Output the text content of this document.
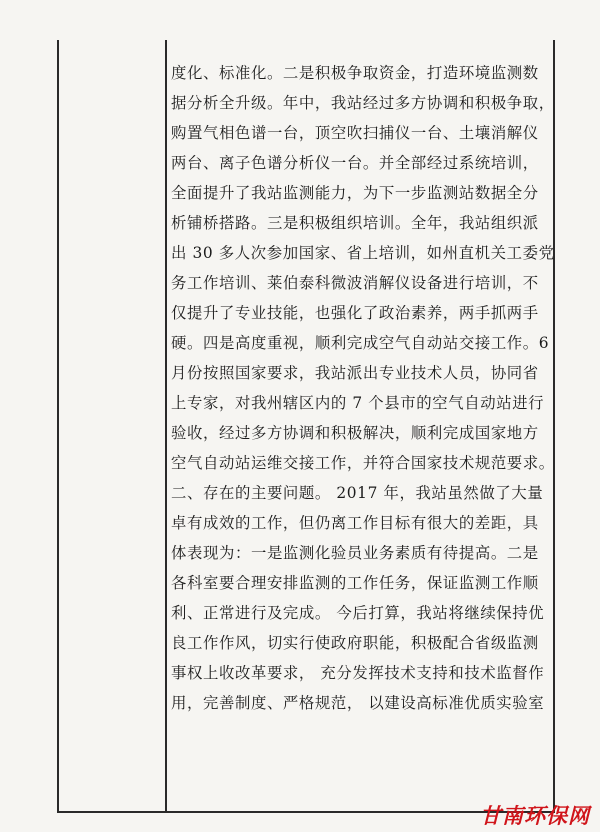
度化、标准化。二是积极争取资金，打造环境监测数
据分析全升级。年中，我站经过多方协调和积极争取，
购置气相色谱一台，顶空吹扫捕仪一台、土壤消解仪
两台、离子色谱分析仪一台。并全部经过系统培训，
全面提升了我站监测能力，为下一步监测站数据全分
析铺桥搭路。三是积极组织培训。全年，我站组织派
出 30 多人次参加国家、省上培训，如州直机关工委党
务工作培训、莱伯泰科微波消解仪设备进行培训，不
仅提升了专业技能，也强化了政治素养，两手抓两手
硬。四是高度重视，顺利完成空气自动站交接工作。6
月份按照国家要求，我站派出专业技术人员，协同省
上专家，对我州辖区内的 7 个县市的空气自动站进行
验收，经过多方协调和积极解决，顺利完成国家地方
空气自动站运维交接工作，并符合国家技术规范要求。
二、存在的主要问题。 2017 年，我站虽然做了大量
卓有成效的工作，但仍离工作目标有很大的差距，具
体表现为：一是监测化验员业务素质有待提高。二是
各科室要合理安排监测的工作任务，保证监测工作顺
利、正常进行及完成。 今后打算，我站将继续保持优
良工作作风，切实行使政府职能，积极配合省级监测
事权上收改革要求， 充分发挥技术支持和技术监督作
用，完善制度、严格规范， 以建设高标准优质实验室
甘南环保网
